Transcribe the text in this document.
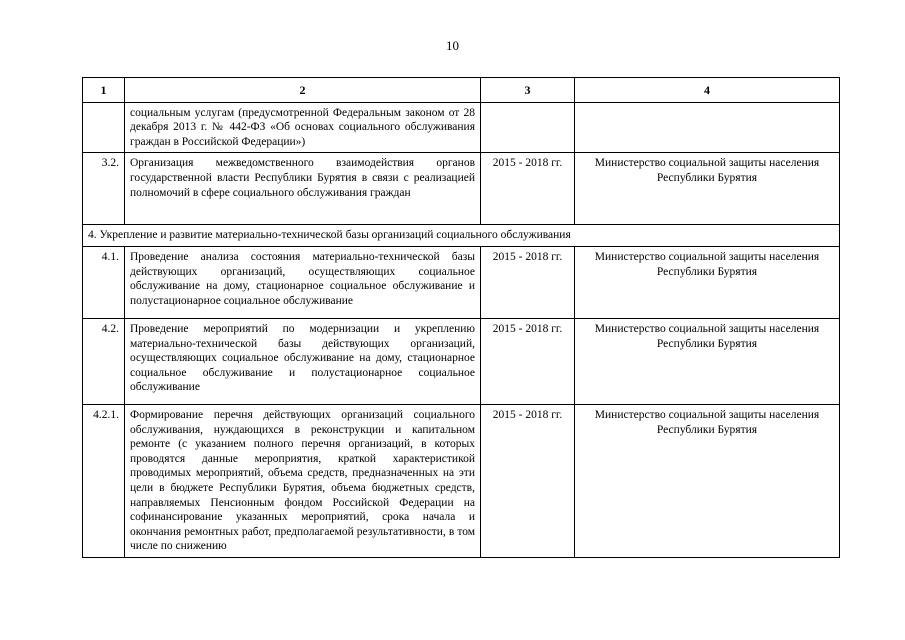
10
1	2	3	4
	социальным услугам (предусмотренной Федеральным законом от 28 декабря 2013 г. № 442-ФЗ «Об основах социального обслуживания граждан в Российской Федерации»)		
3.2.	Организация межведомственного взаимодействия органов государственной власти Республики Бурятия в связи с реализацией полномочий в сфере социального обслуживания граждан	2015 - 2018 гг.	Министерство социальной защиты населения Республики Бурятия
4. Укрепление и развитие материально-технической базы организаций социального обслуживания			
4.1.	Проведение анализа состояния материально-технической базы действующих организаций, осуществляющих социальное обслуживание на дому, стационарное социальное обслуживание и полустационарное социальное обслуживание	2015 - 2018 гг.	Министерство социальной защиты населения Республики Бурятия
4.2.	Проведение мероприятий по модернизации и укреплению материально-технической базы действующих организаций, осуществляющих социальное обслуживание на дому, стационарное социальное обслуживание и полустационарное социальное обслуживание	2015 - 2018 гг.	Министерство социальной защиты населения Республики Бурятия
4.2.1.	Формирование перечня действующих организаций социального обслуживания, нуждающихся в реконструкции и капитальном ремонте (с указанием полного перечня организаций, в которых проводятся данные мероприятия, краткой характеристикой проводимых мероприятий, объема средств, предназначенных на эти цели в бюджете Республики Бурятия, объема бюджетных средств, направляемых Пенсионным фондом Российской Федерации на софинансирование указанных мероприятий, срока начала и окончания ремонтных работ, предполагаемой результативности, в том числе по снижению	2015 - 2018 гг.	Министерство социальной защиты населения Республики Бурятия
